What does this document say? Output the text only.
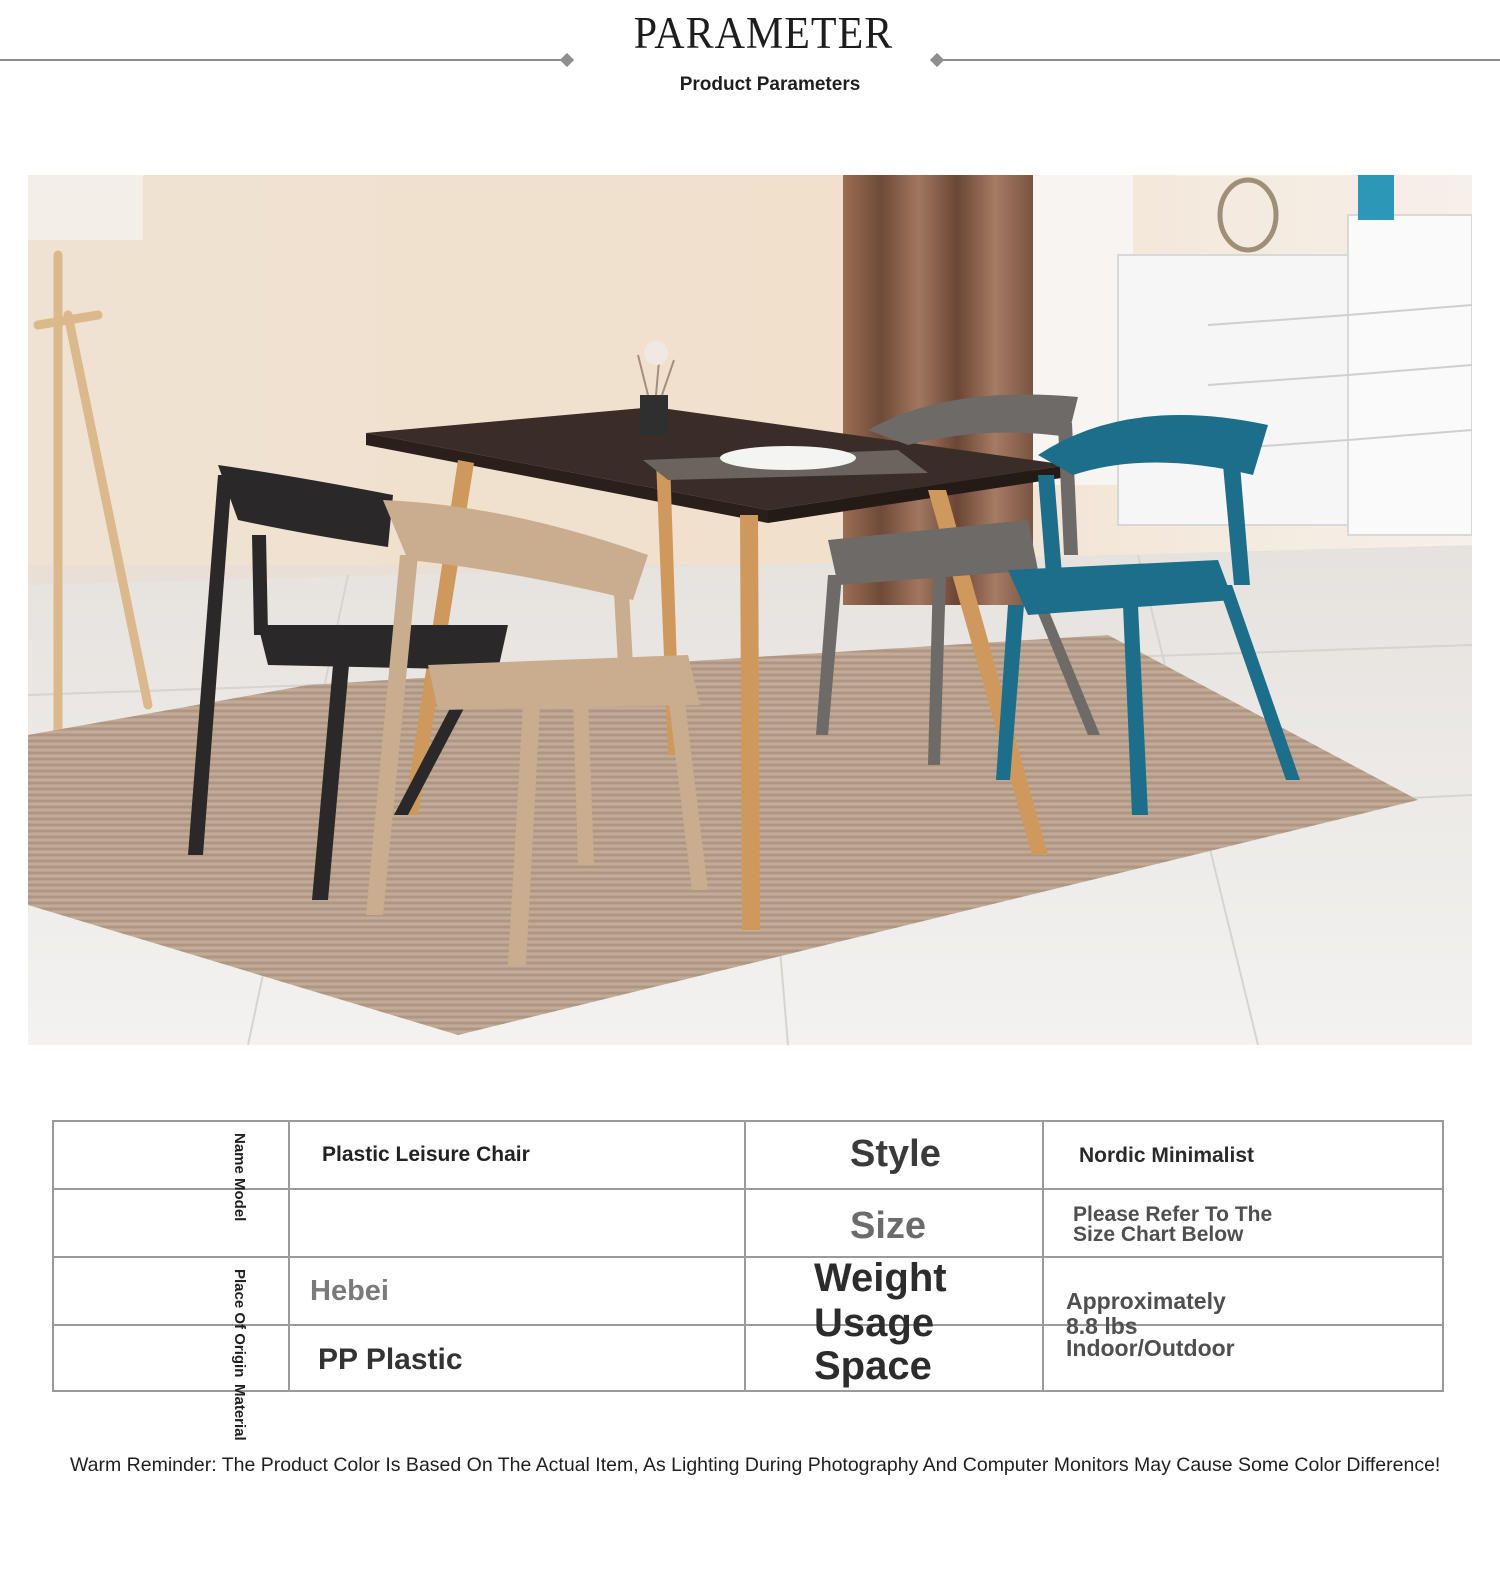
PARAMETER
Product Parameters
Name
Model
Place Of Origin
Material
Plastic Leisure Chair
Hebei
PP Plastic
Style
Size
Weight
Usage
Space
Nordic Minimalist
Please Refer To The
Size Chart Below
Approximately
8.8 lbs
Indoor/Outdoor
Warm Reminder: The Product Color Is Based On The Actual Item, As Lighting During Photography And Computer Monitors May Cause Some Color Difference!
